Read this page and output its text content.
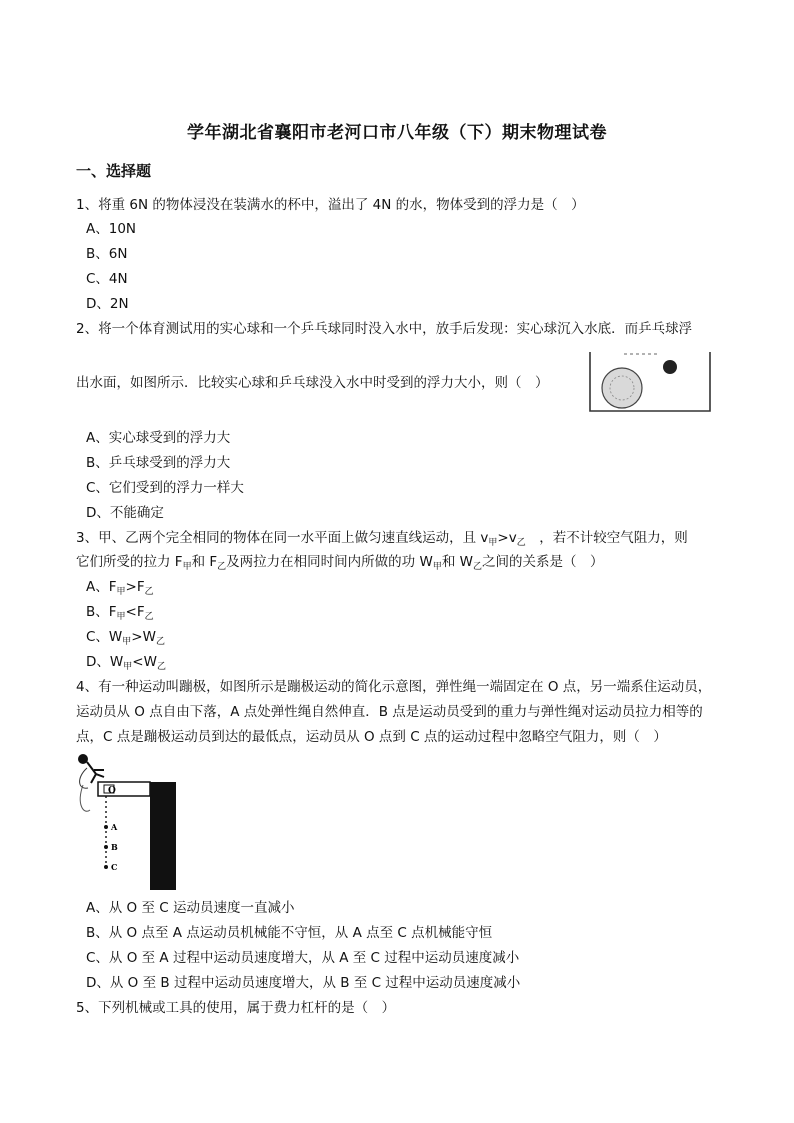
学年湖北省襄阳市老河口市八年级（下）期末物理试卷
一、选择题
1、将重 6N 的物体浸没在装满水的杯中，溢出了 4N 的水，物体受到的浮力是（　）
A、10N
B、6N
C、4N
D、2N
2、将一个体育测试用的实心球和一个乒乓球同时没入水中，放手后发现：实心球沉入水底．而乒乓球浮
出水面，如图所示．比较实心球和乒乓球没入水中时受到的浮力大小，则（　）
A、实心球受到的浮力大
B、乒乓球受到的浮力大
C、它们受到的浮力一样大
D、不能确定
3、甲、乙两个完全相同的物体在同一水平面上做匀速直线运动，且 $v_甲>v_乙$　，若不计较空气阻力，则
它们所受的拉力 $F_甲$和 $F_乙$及两拉力在相同时间内所做的功 $W_甲$和 $W_乙$之间的关系是（　）
A、$F_甲>F_乙$
B、$F_甲<F_乙$
C、$W_甲>W_乙$
D、$W_甲<W_乙$
4、有一种运动叫蹦极，如图所示是蹦极运动的简化示意图，弹性绳一端固定在 O 点，另一端系住运动员，
运动员从 O 点自由下落，A 点处弹性绳自然伸直．B 点是运动员受到的重力与弹性绳对运动员拉力相等的
点，C 点是蹦极运动员到达的最低点，运动员从 O 点到 C 点的运动过程中忽略空气阻力，则（　）
O
A
B
C
A、从 O 至 C 运动员速度一直减小
B、从 O 点至 A 点运动员机械能不守恒，从 A 点至 C 点机械能守恒
C、从 O 至 A 过程中运动员速度增大，从 A 至 C 过程中运动员速度减小
D、从 O 至 B 过程中运动员速度增大，从 B 至 C 过程中运动员速度减小
5、下列机械或工具的使用，属于费力杠杆的是（　）
